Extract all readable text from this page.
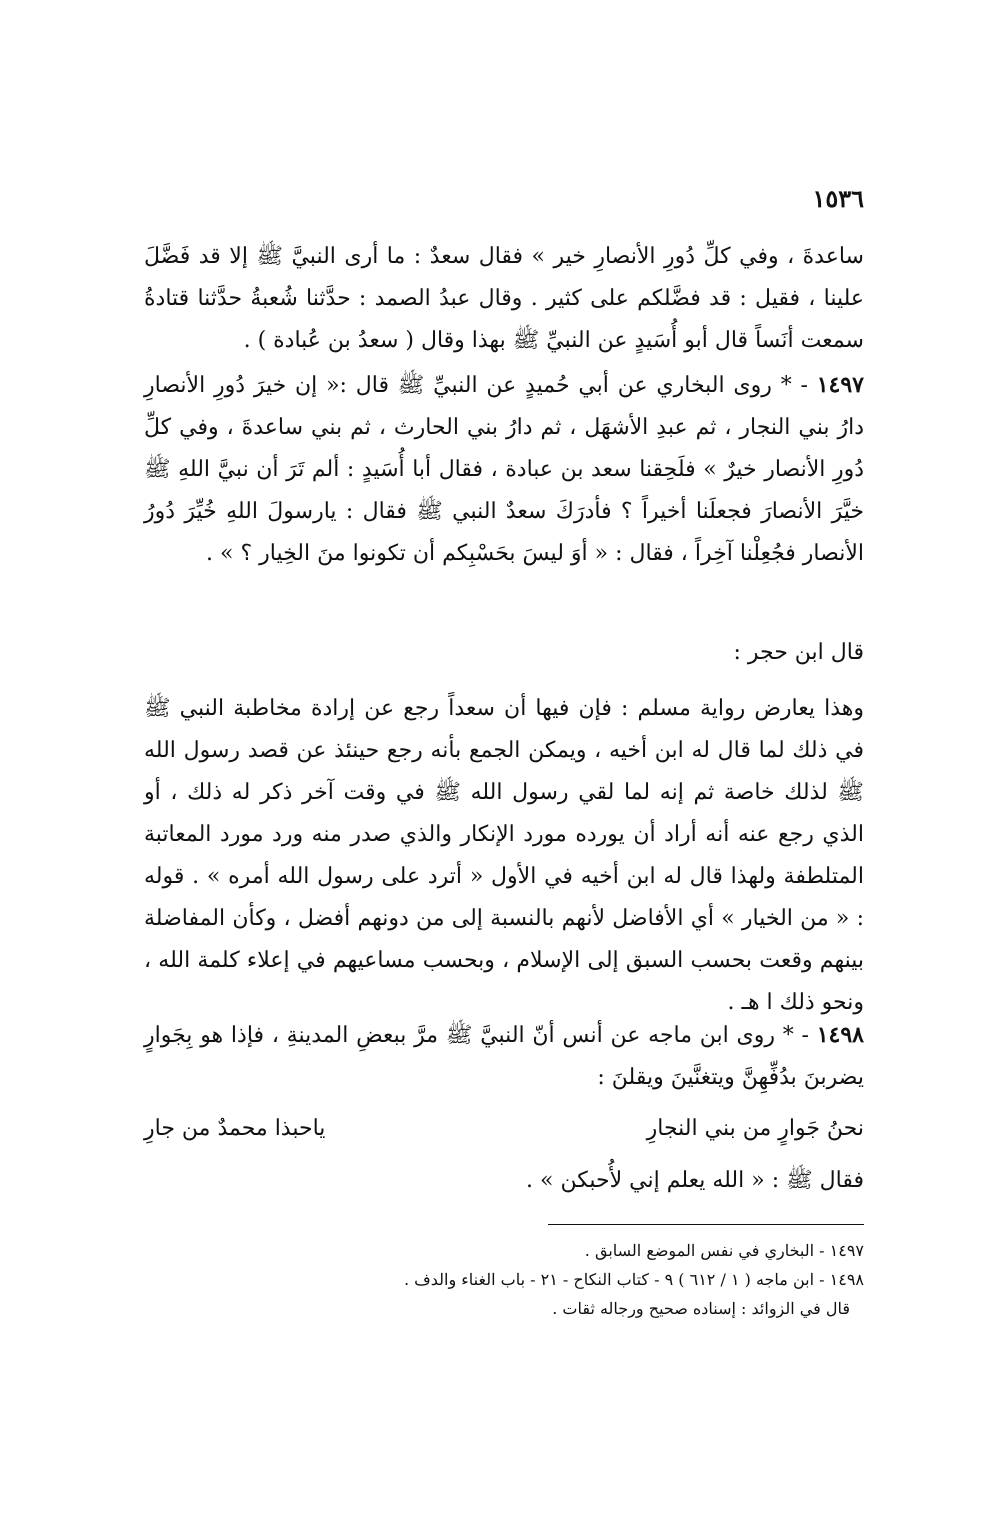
١٥٣٦

ساعدةَ ، وفي كلِّ دُورِ الأنصارِ خير » فقال سعدٌ : ما أرى النبيَّ ﷺ إلا قد فَضَّلَ علينا ، فقيل : قد فضَّلكم على كثير . وقال عبدُ الصمد : حدَّثنا شُعبةُ حدَّثنا قتادةُ سمعت أنَساً قال أبو أُسَيدٍ عن النبيِّ ﷺ بهذا وقال ( سعدُ بن عُبادة ) .

١٤٩٧ - * روى البخاري عن أبي حُميدٍ عن النبيِّ ﷺ قال :« إن خيرَ دُورِ الأنصارِ دارُ بني النجار ، ثم عبدِ الأشهَل ، ثم دارُ بني الحارث ، ثم بني ساعدةَ ، وفي كلِّ دُورِ الأنصار خيرٌ » فلَحِقنا سعد بن عبادة ، فقال أبا أُسَيدٍ : ألم تَرَ أن نبيَّ اللهِ ﷺ خيَّرَ الأنصارَ فجعلَنا أخيراً ؟ فأدرَكَ سعدٌ النبي ﷺ فقال : يارسولَ اللهِ خُيِّرَ دُورُ الأنصار فجُعِلْنا آخِراً ، فقال : « أوَ ليسَ بحَسْبِكم أن تكونوا منَ الخِيار ؟ » .

قال ابن حجر :

وهذا يعارض رواية مسلم : فإن فيها أن سعداً رجع عن إرادة مخاطبة النبي ﷺ في ذلك لما قال له ابن أخيه ، ويمكن الجمع بأنه رجع حينئذ عن قصد رسول الله ﷺ لذلك خاصة ثم إنه لما لقي رسول الله ﷺ في وقت آخر ذكر له ذلك ، أو الذي رجع عنه أنه أراد أن يورده مورد الإنكار والذي صدر منه ورد مورد المعاتبة المتلطفة ولهذا قال له ابن أخيه في الأول « أترد على رسول الله أمره » . قوله : « من الخيار » أي الأفاضل لأنهم بالنسبة إلى من دونهم أفضل ، وكأن المفاضلة بينهم وقعت بحسب السبق إلى الإسلام ، وبحسب مساعيهم في إعلاء كلمة الله ، ونحو ذلك ا هـ .

١٤٩٨ - * روى ابن ماجه عن أنس أنّ النبيَّ ﷺ مرَّ ببعضِ المدينةِ ، فإذا هو بِجَوارٍ يضربنَ بدُفِّهِنَّ ويتغنَّينَ ويقلنَ :

نحنُ جَوارٍ من بني النجارِ
ياحبذا محمدٌ من جارِ

فقال ﷺ : « الله يعلم إني لأُحبكن » .

١٤٩٧ - البخاري في نفس الموضع السابق .
١٤٩٨ - ابن ماجه ( ١ / ٦١٢ ) ٩ - كتاب النكاح - ٢١ - باب الغناء والدف .
قال في الزوائد : إسناده صحيح ورجاله ثقات .
